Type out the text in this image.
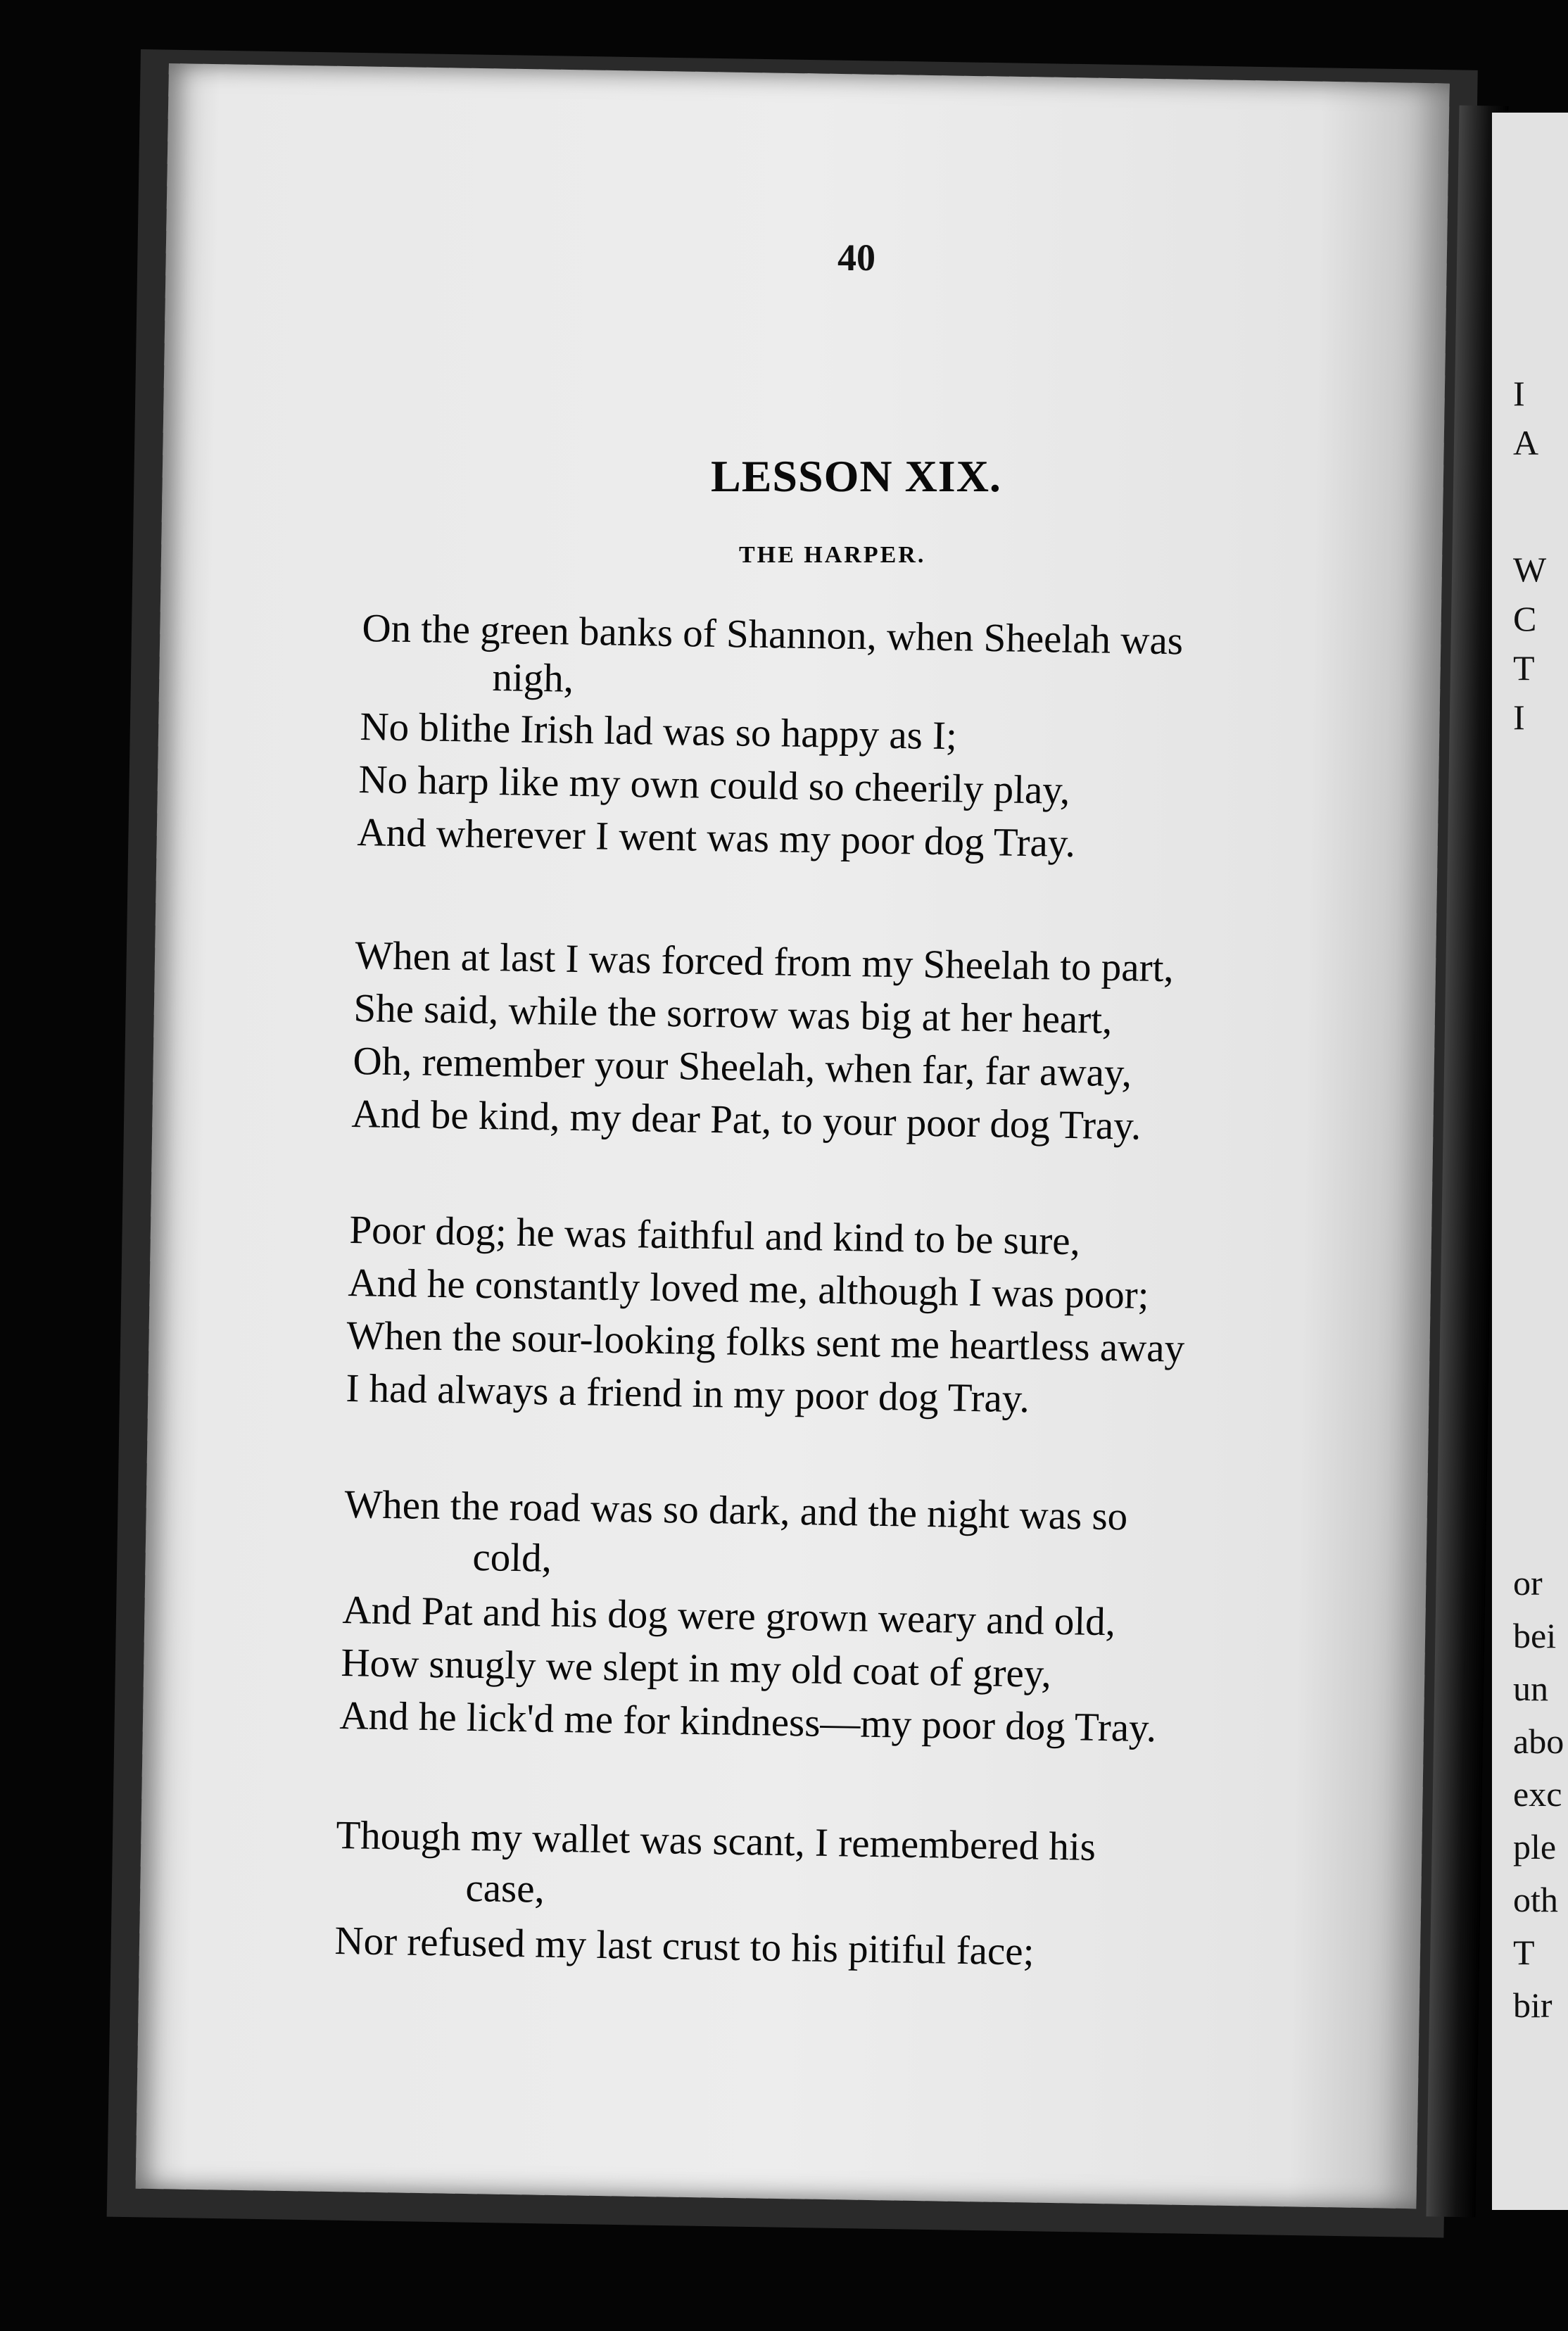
I
A
W
C
T
I
or
bei
un
abo
exc
ple
oth
T
bir
40
LESSON XIX.
THE HARPER.
On the green banks of Shannon, when Sheelah was
nigh,
No blithe Irish lad was so happy as I;
No harp like my own could so cheerily play,
And wherever I went was my poor dog Tray.
When at last I was forced from my Sheelah to part,
She said, while the sorrow was big at her heart,
Oh, remember your Sheelah, when far, far away,
And be kind, my dear Pat, to your poor dog Tray.
Poor dog; he was faithful and kind to be sure,
And he constantly loved me, although I was poor;
When the sour-looking folks sent me heartless away
I had always a friend in my poor dog Tray.
When the road was so dark, and the night was so
cold,
And Pat and his dog were grown weary and old,
How snugly we slept in my old coat of grey,
And he lick'd me for kindness—my poor dog Tray.
Though my wallet was scant, I remembered his
case,
Nor refused my last crust to his pitiful face;
